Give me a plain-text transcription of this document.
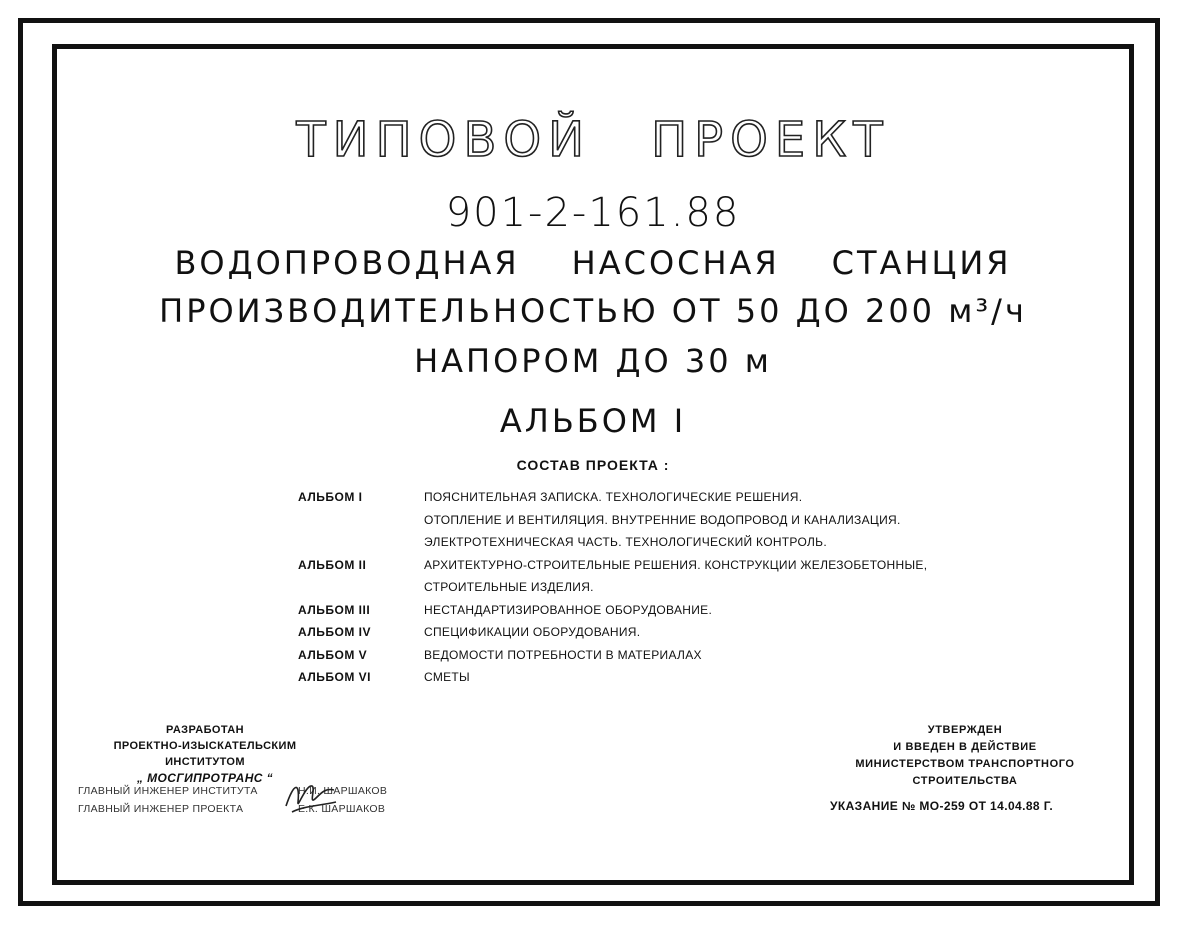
ТИПОВОЙ ПРОЕКТ
901-2-161.88
ВОДОПРОВОДНАЯ НАСОСНАЯ СТАНЦИЯ
ПРОИЗВОДИТЕЛЬНОСТЬЮ ОТ 50 ДО 200 м³/ч
НАПОРОМ ДО 30 м
АЛЬБОМ I
СОСТАВ ПРОЕКТА :
АЛЬБОМ I	ПОЯСНИТЕЛЬНАЯ ЗАПИСКА. ТЕХНОЛОГИЧЕСКИЕ РЕШЕНИЯ.
ОТОПЛЕНИЕ И ВЕНТИЛЯЦИЯ. ВНУТРЕННИЕ ВОДОПРОВОД И КАНАЛИЗАЦИЯ.
ЭЛЕКТРОТЕХНИЧЕСКАЯ ЧАСТЬ. ТЕХНОЛОГИЧЕСКИЙ КОНТРОЛЬ.
АЛЬБОМ II	АРХИТЕКТУРНО-СТРОИТЕЛЬНЫЕ РЕШЕНИЯ. КОНСТРУКЦИИ ЖЕЛЕЗОБЕТОННЫЕ,
СТРОИТЕЛЬНЫЕ ИЗДЕЛИЯ.
АЛЬБОМ III	НЕСТАНДАРТИЗИРОВАННОЕ ОБОРУДОВАНИЕ.
АЛЬБОМ IV	СПЕЦИФИКАЦИИ ОБОРУДОВАНИЯ.
АЛЬБОМ V	ВЕДОМОСТИ ПОТРЕБНОСТИ В МАТЕРИАЛАХ
АЛЬБОМ VI	СМЕТЫ
РАЗРАБОТАН
ПРОЕКТНО-ИЗЫСКАТЕЛЬСКИМ ИНСТИТУТОМ
„ МОСГИПРОТРАНС “
ГЛАВНЫЙ ИНЖЕНЕР ИНСТИТУТА	Н.И. ШАРШАКОВ
ГЛАВНЫЙ ИНЖЕНЕР ПРОЕКТА	Е.К. ШАРШАКОВ
УТВЕРЖДЕН
И ВВЕДЕН В ДЕЙСТВИЕ
МИНИСТЕРСТВОМ ТРАНСПОРТНОГО СТРОИТЕЛЬСТВА
УКАЗАНИЕ № МО-259 ОТ 14.04.88 Г.
